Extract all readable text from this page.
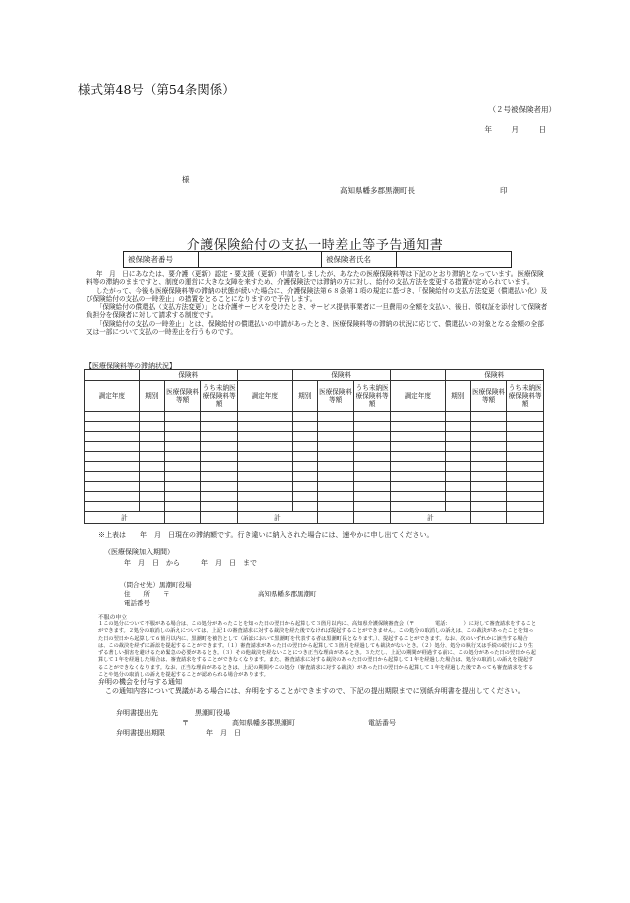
様式第48号（第54条関係）
（２号被保険者用）
年　月　日
様
高知県幡多郡黒潮町長	印
介護保険給付の支払一時差止等予告通知書
被保険者番号		被保険者氏名	

年　月　日にあなたは、要介護（更新）認定・要支援（更新）申請をしましたが、あなたの医療保険料等は下記のとおり滞納となっています。医療保険料等の滞納のままですと、制度の運営に大きな支障を来すため、介護保険法では滞納の方に対し、給付の支払方法を変更する措置が定められています。

したがって、今後も医療保険料等の滞納の状態が続いた場合に、介護保険法第６８条第１項の規定に基づき、「保険給付の支払方法変更（償還払い化）及び保険給付の支払の一時差止」の措置をとることになりますので予告します。

「保険給付の償還払（支払方法変更）」とは介護サービスを受けたとき、サービス提供事業者に一旦費用の全額を支払い、後日、領収証を添付して保険者負担分を保険者に対して請求する制度です。

「保険給付の支払の一時差止」とは、保険給付の償還払いの申請があったとき、医療保険料等の滞納の状況に応じて、償還払いの対象となる金額の全部又は一部について支払の一時差止を行うものです。

【医療保険料等の滞納状況】
	保険料				保険料				保険料		
調定年度	期別	医療保険料等額	うち未納医療保険料等額	調定年度	期別	医療保険料等額	うち未納医療保険料等額	調定年度	期別	医療保険料等額	うち未納医療保険料等額

計				計				計			
※上表は　　年　月　日現在の滞納額です。行き違いに納入された場合には、速やかに申し出てください。
（医療保険加入期間）
年　月　日　から　　　年　月　日　まで
（問合せ先）黒潮町役場
住　　所　　〒	高知県幡多郡黒潮町
電話番号
不服の申立

１この処分について不服がある場合は、この処分があったことを知った日の翌日から起算して３箇月以内に、高知県介護保険審査会（〒　　　　電話：　　　）に対して審査請求をすることができます。２処分の取消しの訴えについては、上記１の審査請求に対する裁決を経た後でなければ提起することができません。この処分の取消しの訴えは、この裁決があったことを知った日の翌日から起算して６箇月以内に、黒潮町を被告として（訴訟において黒潮町を代表する者は黒潮町長となります。）、提起することができます。なお、次のいずれかに該当する場合は、この裁決を経ずに訴訟を提起することができます。（１）審査請求があった日の翌日から起算して３箇月を経過しても裁決がないとき。（２）処分、処分の執行又は手続の続行により生ずる著しい損害を避けるため緊急の必要があるとき。（３）その他裁決を経ないことにつき正当な理由があるとき。３ただし、上記の期間が経過する前に、この処分があった日の翌日から起算して１年を経過した場合は、審査請求をすることができなくなります。また、審査請求に対する裁決のあった日の翌日から起算して１年を経過した場合は、処分の取消しの訴えを提起することができなくなります。なお、正当な理由があるときは、上記の期間やこの処分（審査請求に対する裁決）があった日の翌日から起算して１年を経過した後であっても審査請求をすることや処分の取消しの訴えを提起することが認められる場合があります。

弁明の機会を付与する通知
この通知内容について異議がある場合には、弁明をすることができますので、下記の提出期限までに別紙弁明書を提出してください。
弁明書提出先	黒潮町役場
〒	高知県幡多郡黒潮町	電話番号
弁明書提出期限	年　月　日
